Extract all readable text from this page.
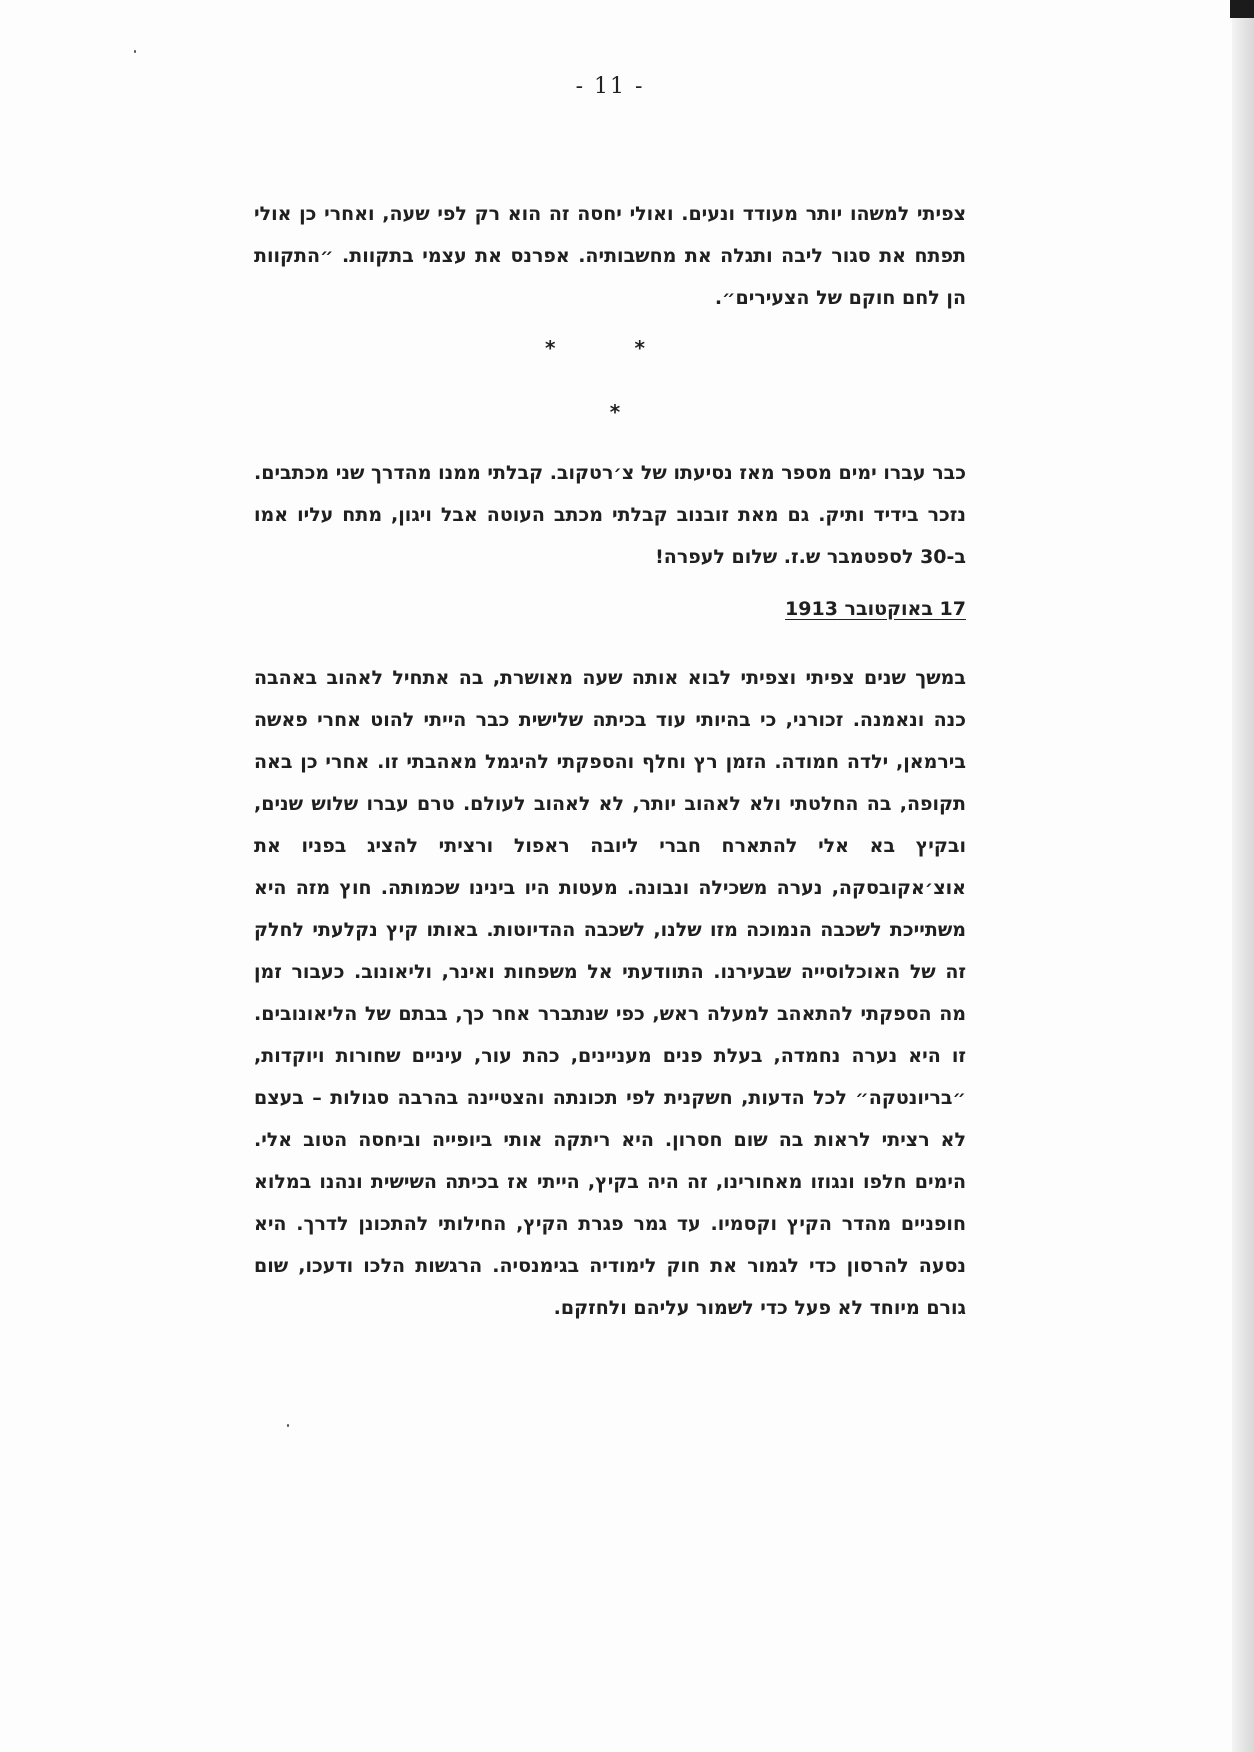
- 11 -

צפיתי למשהו יותר מעודד ונעים. ואולי יחסה זה הוא רק לפי שעה, ואחרי כן אולי תפתח את סגור ליבה ותגלה את מחשבותיה. אפרנס את עצמי בתקוות. ״התקוות הן לחם חוקם של הצעירים״.

* *
*

כבר עברו ימים מספר מאז נסיעתו של צ׳רטקוב. קבלתי ממנו מהדרך שני מכתבים. נזכר בידיד ותיק. גם מאת זובנוב קבלתי מכתב העוטה אבל ויגון, מתח עליו אמו ב-30 לספטמבר ש.ז. שלום לעפרה!

17 באוקטובר 1913

במשך שנים צפיתי וצפיתי לבוא אותה שעה מאושרת, בה אתחיל לאהוב באהבה כנה ונאמנה. זכורני, כי בהיותי עוד בכיתה שלישית כבר הייתי להוט אחרי פאשה בירמאן, ילדה חמודה. הזמן רץ וחלף והספקתי להיגמל מאהבתי זו. אחרי כן באה תקופה, בה החלטתי ולא לאהוב יותר, לא לאהוב לעולם. טרם עברו שלוש שנים, ובקיץ בא אלי להתארח חברי ליובה ראפול ורציתי להציג בפניו את אוצ׳אקובסקה, נערה משכילה ונבונה. מעטות היו בינינו שכמותה. חוץ מזה היא משתייכת לשכבה הנמוכה מזו שלנו, לשכבה ההדיוטות. באותו קיץ נקלעתי לחלק זה של האוכלוסייה שבעירנו. התוודעתי אל משפחות ואינר, וליאונוב. כעבור זמן מה הספקתי להתאהב למעלה ראש, כפי שנתברר אחר כך, בבתם של הליאונובים. זו היא נערה נחמדה, בעלת פנים מעניינים, כהת עור, עיניים שחורות ויוקדות, ״בריונטקה״ לכל הדעות, חשקנית לפי תכונתה והצטיינה בהרבה סגולות – בעצם לא רציתי לראות בה שום חסרון. היא ריתקה אותי ביופייה וביחסה הטוב אלי. הימים חלפו ונגוזו מאחורינו, זה היה בקיץ, הייתי אז בכיתה השישית ונהנו במלוא חופניים מהדר הקיץ וקסמיו. עד גמר פגרת הקיץ, החילותי להתכונן לדרך. היא נסעה להרסון כדי לגמור את חוק לימודיה בגימנסיה. הרגשות הלכו ודעכו, שום גורם מיוחד לא פעל כדי לשמור עליהם ולחזקם.
